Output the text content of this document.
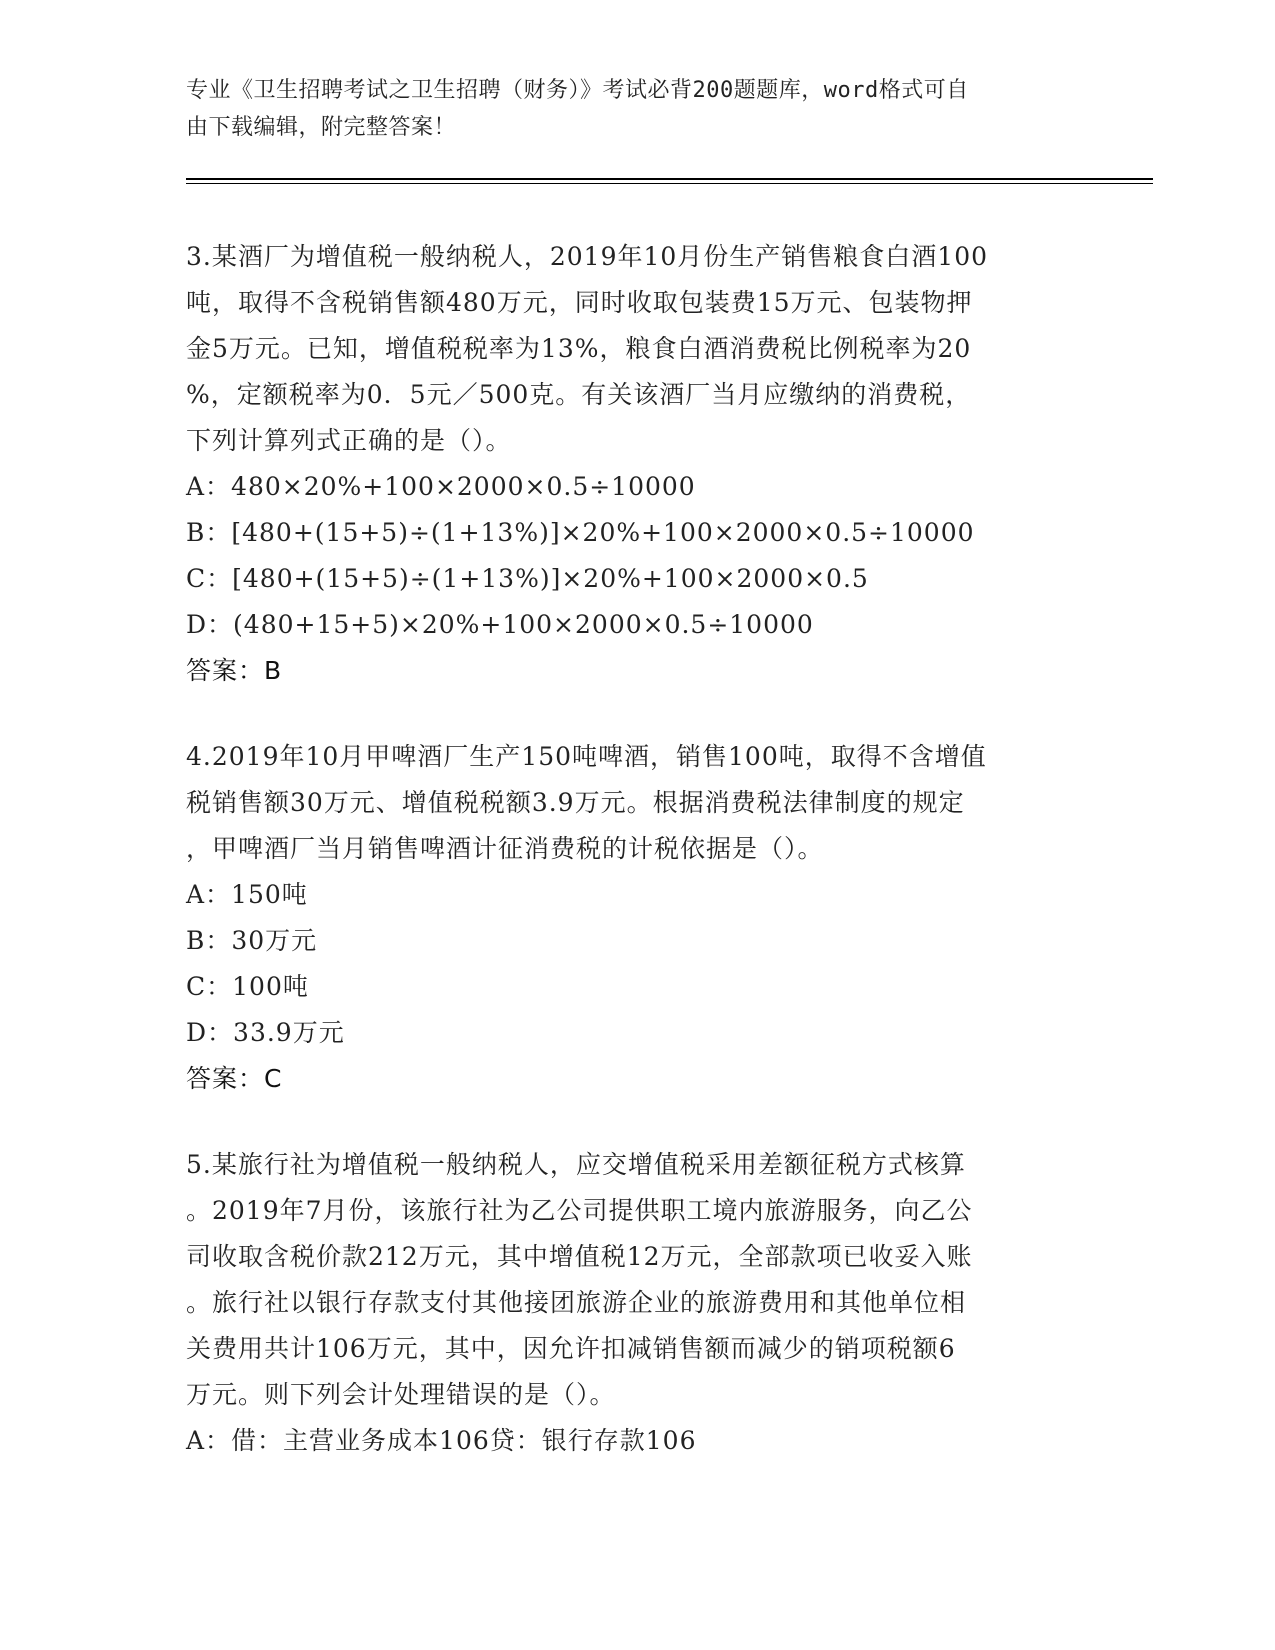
专业《卫生招聘考试之卫生招聘（财务）》考试必背200题题库，word格式可自
由下载编辑，附完整答案！

3.某酒厂为增值税一般纳税人，2019年10月份生产销售粮食白酒100

吨，取得不含税销售额480万元，同时收取包装费15万元、包装物押

金5万元。已知，增值税税率为13%，粮食白酒消费税比例税率为20

%，定额税率为0．5元／500克。有关该酒厂当月应缴纳的消费税，

下列计算列式正确的是（）。

A：480×20%+100×2000×0.5÷10000
B：[480+(15+5)÷(1+13%)]×20%+100×2000×0.5÷10000
C：[480+(15+5)÷(1+13%)]×20%+100×2000×0.5
D：(480+15+5)×20%+100×2000×0.5÷10000
答案：B

4.2019年10月甲啤酒厂生产150吨啤酒，销售100吨，取得不含增值

税销售额30万元、增值税税额3.9万元。根据消费税法律制度的规定

，甲啤酒厂当月销售啤酒计征消费税的计税依据是（）。

A：150吨
B：30万元
C：100吨
D：33.9万元
答案：C

5.某旅行社为增值税一般纳税人，应交增值税采用差额征税方式核算

。2019年7月份，该旅行社为乙公司提供职工境内旅游服务，向乙公

司收取含税价款212万元，其中增值税12万元，全部款项已收妥入账

。旅行社以银行存款支付其他接团旅游企业的旅游费用和其他单位相

关费用共计106万元，其中，因允许扣减销售额而减少的销项税额6

万元。则下列会计处理错误的是（）。

A：借：主营业务成本106贷：银行存款106
